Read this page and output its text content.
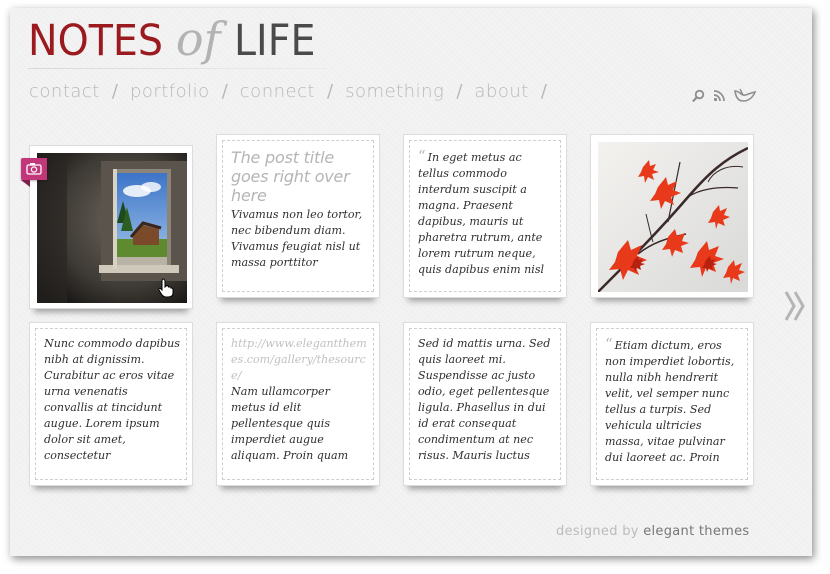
NOTES of LIFE
contact / portfolio / connect / something / about /
The post title goes right over here
Vivamus non leo tortor, nec bibendum diam. Vivamus feugiat nisl ut massa porttitor
“ In eget metus ac tellus commodo interdum suscipit a magna. Praesent dapibus, mauris ut pharetra rutrum, ante lorem rutrum neque, quis dapibus enim nisl
Nunc commodo dapibus nibh at dignissim. Curabitur ac eros vitae urna venenatis convallis at tincidunt augue. Lorem ipsum dolor sit amet, consectetur
http://www.elegantthemes.com/gallery/thesource/
Nam ullamcorper metus id elit pellentesque quis imperdiet augue aliquam. Proin quam
Sed id mattis urna. Sed quis laoreet mi. Suspendisse ac justo odio, eget pellentesque ligula. Phasellus in dui id erat consequat condimentum at nec risus. Mauris luctus
“ Etiam dictum, eros non imperdiet lobortis, nulla nibh hendrerit velit, vel semper nunc tellus a turpis. Sed vehicula ultricies massa, vitae pulvinar dui laoreet ac. Proin
designed by elegant themes
